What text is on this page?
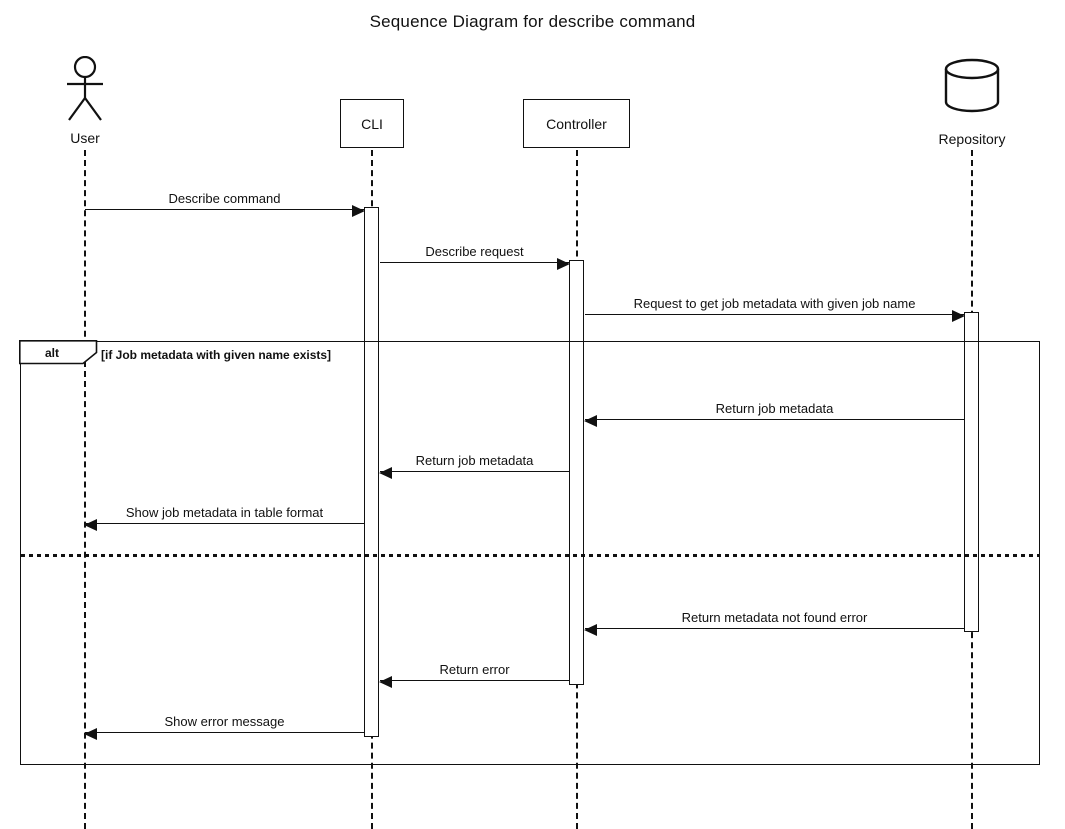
Sequence Diagram for describe command
User
CLI	Controller
Repository
Describe command
Describe request
Request to get job metadata with given job name
Return job metadata
Return job metadata
Show job metadata in table format
Return metadata not found error
Return error
Show error message
alt	[if Job metadata with given name exists]
